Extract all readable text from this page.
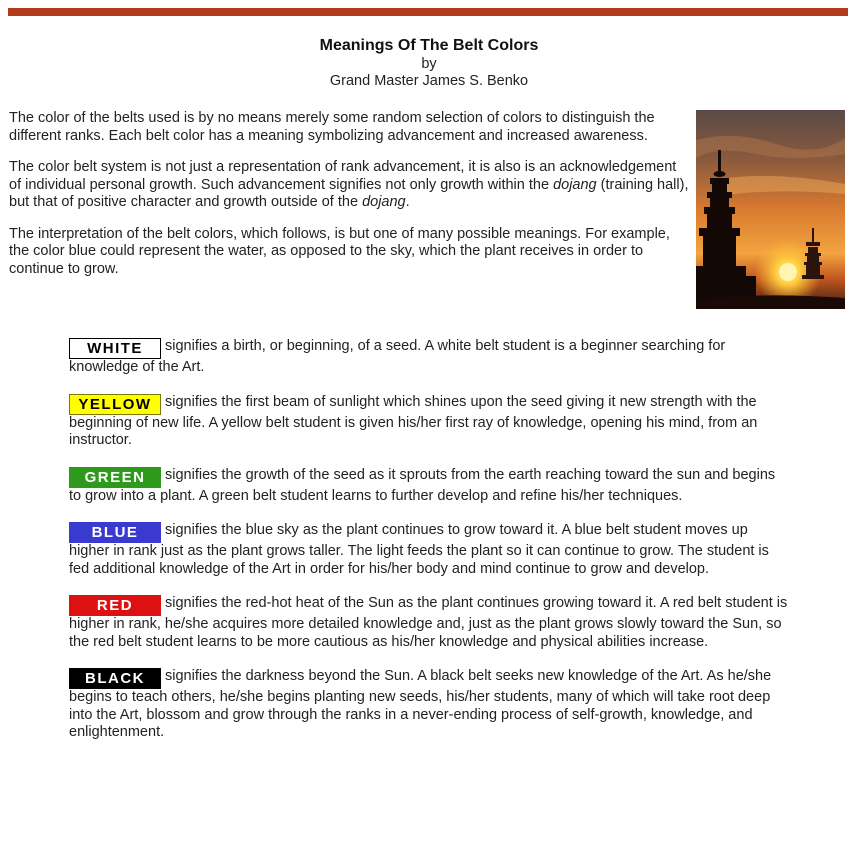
Meanings Of The Belt Colors
by
Grand Master James S. Benko

The color of the belts used is by no means merely some random selection of colors to distinguish the different ranks. Each belt color has a meaning symbolizing advancement and increased awareness.

The color belt system is not just a representation of rank advancement, it is also is an acknowledgement of individual personal growth. Such advancement signifies not only growth within the dojang (training hall), but that of positive character and growth outside of the dojang.

The interpretation of the belt colors, which follows, is but one of many possible meanings. For example, the color blue could represent the water, as opposed to the sky, which the plant receives in order to continue to grow.

WHITE signifies a birth, or beginning, of a seed. A white belt student is a beginner searching for knowledge of the Art.
YELLOW signifies the first beam of sunlight which shines upon the seed giving it new strength with the beginning of new life. A yellow belt student is given his/her first ray of knowledge, opening his mind, from an instructor.
GREEN signifies the growth of the seed as it sprouts from the earth reaching toward the sun and begins to grow into a plant. A green belt student learns to further develop and refine his/her techniques.
BLUE signifies the blue sky as the plant continues to grow toward it. A blue belt student moves up higher in rank just as the plant grows taller. The light feeds the plant so it can continue to grow. The student is fed additional knowledge of the Art in order for his/her body and mind continue to grow and develop.
RED signifies the red-hot heat of the Sun as the plant continues growing toward it. A red belt student is higher in rank, he/she acquires more detailed knowledge and, just as the plant grows slowly toward the Sun, so the red belt student learns to be more cautious as his/her knowledge and physical abilities increase.
BLACK signifies the darkness beyond the Sun. A black belt seeks new knowledge of the Art. As he/she begins to teach others, he/she begins planting new seeds, his/her students, many of which will take root deep into the Art, blossom and grow through the ranks in a never-ending process of self-growth, knowledge, and enlightenment.
